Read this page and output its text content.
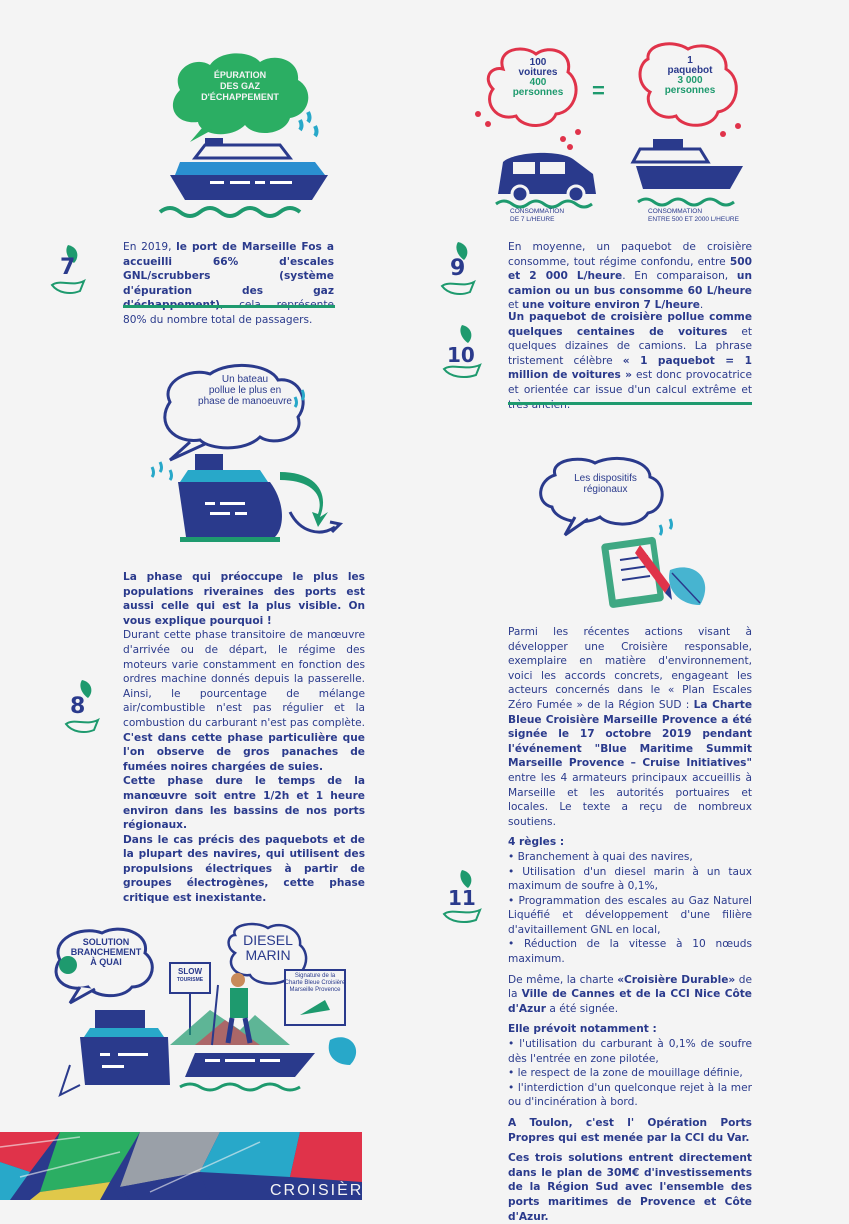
ÉPURATION
DES GAZ
D'ÉCHAPPEMENT
7
En 2019, le port de Marseille Fos a accueilli 66% d'escales GNL/scrubbers (système d'épuration des gaz 80% du nombre total de passagers.
100
voitures
400
personnes	=
1
paquebot
3 000
personnes
CONSOMMATION
DE 7 L/HEURE
CONSOMMATION
ENTRE 500 ET 2000 L/HEURE
9
En moyenne, un paquebot de croisière consomme, tout régime confondu, entre 500 et 2 000 L/heure. En comparaison, un camion ou un bus consomme 60 L/heure et une voiture environ 7 L/heure.
10
Un paquebot de croisière pollue comme quelques centaines de voitures et quelques dizaines de camions. La phrase tristement célèbre « 1 paquebot = 1 million de voitures » est donc provocatrice et orientée car issue d'un calcul extrême et
Un bateau
pollue le plus en
phase de manoeuvre
8
La phase qui préoccupe le plus les populations riveraines des ports est aussi celle qui est la plus visible. On vous explique pourquoi !
Durant cette phase transitoire de manœuvre d'arrivée ou de départ, le régime des moteurs varie constamment en fonction des ordres machine donnés depuis la passerelle. Ainsi, le pourcentage de mélange air/combustible n'est pas régulier et la combustion du carburant n'est pas complète. C'est dans cette phase particulière que l'on observe de gros panaches de fumées noires chargées de suies.
Cette phase dure le temps de la manœuvre soit entre 1/2h et 1 heure environ dans les bassins de nos ports régionaux.
Dans le cas précis des paquebots et de la plupart des navires, qui utilisent des propulsions électriques à partir de groupes électrogènes, cette phase critique est inexistante.
Les dispositifs
régionaux
11
Parmi les récentes actions visant à développer une Croisière responsable, exemplaire en matière d'environnement, voici les accords concrets, engageant les acteurs concernés dans le « Plan Escales Zéro Fumée » de la Région SUD : La Charte Bleue Croisière Marseille Provence a été signée le 17 octobre 2019 pendant l'événement "Blue Maritime Summit Marseille Provence – Cruise Initiatives" entre les 4 armateurs principaux accueillis à Marseille et les autorités portuaires et locales. Le texte a reçu de nombreux soutiens.
4 règles :
• Branchement à quai des navires,
• Utilisation d'un diesel marin à un taux maximum de soufre à 0,1%,
• Programmation des escales au Gaz Naturel Liquéfié et développement d'une filière d'avitaillement GNL en local,
• Réduction de la vitesse à 10 nœuds maximum.
De même, la charte «Croisière Durable» de la Ville de Cannes et de la CCI Nice Côte d'Azur a été signée.
Elle prévoit notamment :
• l'utilisation du carburant à 0,1% de soufre dès l'entrée en zone pilotée,
• le respect de la zone de mouillage définie,
• l'interdiction d'un quelconque rejet à la mer ou d'incinération à bord.
A Toulon, c'est l' Opération Ports Propres qui est menée par la CCI du Var.
Ces trois solutions entrent directement dans le plan de 30M€ d'investissements de la Région Sud avec l'ensemble des ports maritimes de Provence et Côte d'Azur.
SOLUTION
BRANCHEMENT
À QUAI
DIESEL
MARIN
SLOW
TOURISME
Signature de la
Charte Bleue Croisière
Marseille Provence
CROISIÈRE
